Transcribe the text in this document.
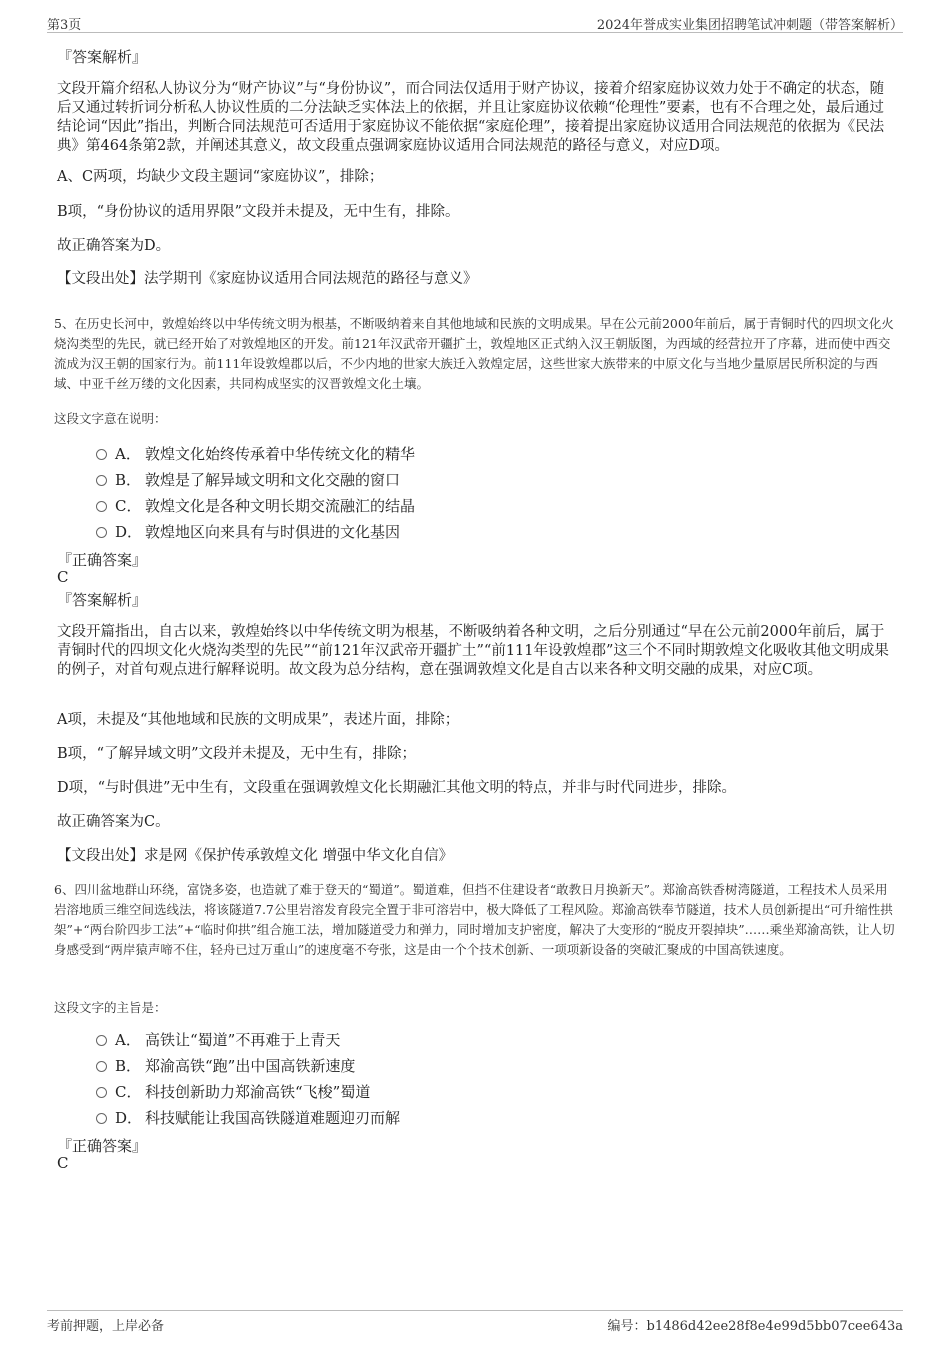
第3页	2024年誉成实业集团招聘笔试冲刺题（带答案解析）
『答案解析』
文段开篇介绍私人协议分为“财产协议”与“身份协议”，而合同法仅适用于财产协议，接着介绍家庭协议效力处于不确定的状态，随后又通过转折词分析私人协议性质的二分法缺乏实体法上的依据，并且让家庭协议依赖“伦理性”要素，也有不合理之处，最后通过结论词“因此”指出，判断合同法规范可否适用于家庭协议不能依据“家庭伦理”，接着提出家庭协议适用合同法规范的依据为《民法典》第464条第2款，并阐述其意义，故文段重点强调家庭协议适用合同法规范的路径与意义，对应D项。
A、C两项，均缺少文段主题词“家庭协议”，排除；
B项，“身份协议的适用界限”文段并未提及，无中生有，排除。
故正确答案为D。
【文段出处】法学期刊《家庭协议适用合同法规范的路径与意义》
5、在历史长河中，敦煌始终以中华传统文明为根基，不断吸纳着来自其他地域和民族的文明成果。早在公元前2000年前后，属于青铜时代的四坝文化火烧沟类型的先民，就已经开始了对敦煌地区的开发。前121年汉武帝开疆扩土，敦煌地区正式纳入汉王朝版图，为西域的经营拉开了序幕，进而使中西交流成为汉王朝的国家行为。前111年设敦煌郡以后，不少内地的世家大族迁入敦煌定居，这些世家大族带来的中原文化与当地少量原居民所积淀的与西域、中亚千丝万缕的文化因素，共同构成坚实的汉晋敦煌文化土壤。
这段文字意在说明：
A． 敦煌文化始终传承着中华传统文化的精华
B． 敦煌是了解异域文明和文化交融的窗口
C． 敦煌文化是各种文明长期交流融汇的结晶
D． 敦煌地区向来具有与时俱进的文化基因
『正确答案』
C
『答案解析』
文段开篇指出，自古以来，敦煌始终以中华传统文明为根基，不断吸纳着各种文明，之后分别通过“早在公元前2000年前后，属于青铜时代的四坝文化火烧沟类型的先民”“前121年汉武帝开疆扩土”“前111年设敦煌郡”这三个不同时期敦煌文化吸收其他文明成果的例子，对首句观点进行解释说明。故文段为总分结构，意在强调敦煌文化是自古以来各种文明交融的成果，对应C项。
A项，未提及“其他地域和民族的文明成果”，表述片面，排除；
B项，“了解异域文明”文段并未提及，无中生有，排除；
D项，“与时俱进”无中生有，文段重在强调敦煌文化长期融汇其他文明的特点，并非与时代同进步，排除。
故正确答案为C。
【文段出处】求是网《保护传承敦煌文化 增强中华文化自信》
6、四川盆地群山环绕，富饶多姿，也造就了难于登天的“蜀道”。蜀道难，但挡不住建设者“敢教日月换新天”。郑渝高铁香树湾隧道，工程技术人员采用岩溶地质三维空间选线法，将该隧道7.7公里岩溶发育段完全置于非可溶岩中，极大降低了工程风险。郑渝高铁奉节隧道，技术人员创新提出“可升缩性拱架”+“两台阶四步工法”+“临时仰拱”组合施工法，增加隧道受力和弹力，同时增加支护密度，解决了大变形的“脱皮开裂掉块”……乘坐郑渝高铁，让人切身感受到“两岸猿声啼不住，轻舟已过万重山”的速度毫不夸张，这是由一个个技术创新、一项项新设备的突破汇聚成的中国高铁速度。
这段文字的主旨是：
A． 高铁让“蜀道”不再难于上青天
B． 郑渝高铁“跑”出中国高铁新速度
C． 科技创新助力郑渝高铁“飞梭”蜀道
D． 科技赋能让我国高铁隧道难题迎刃而解
『正确答案』
C
考前押题，上岸必备	编号：b1486d42ee28f8e4e99d5bb07cee643a
